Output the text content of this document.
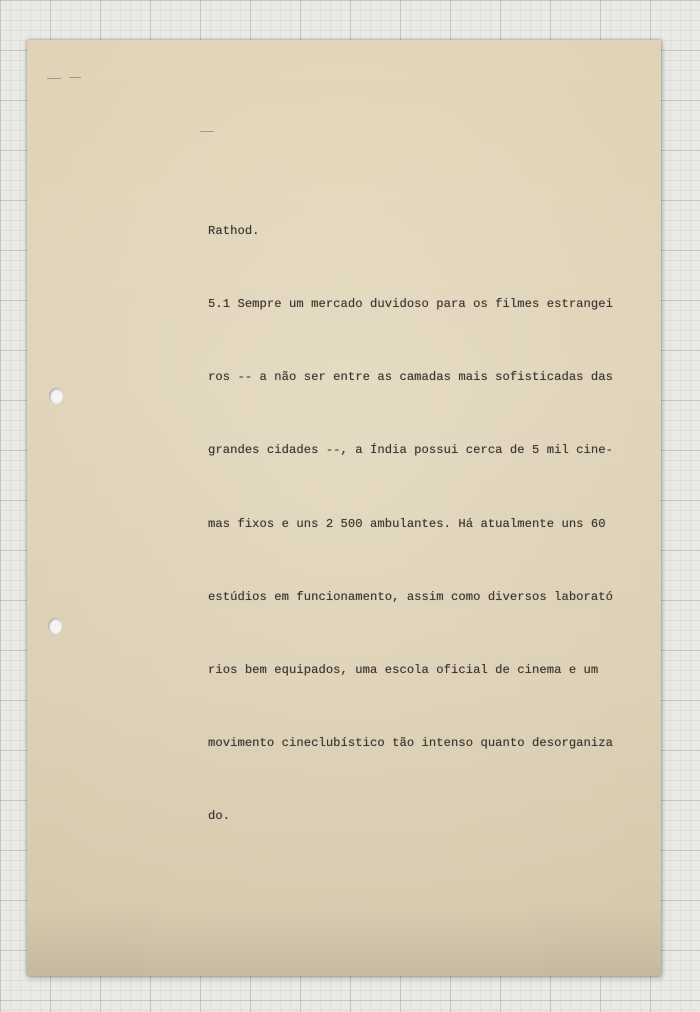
Rathod.

5.1 Sempre um mercado duvidoso para os filmes estrangei

ros -- a não ser entre as camadas mais sofisticadas das

grandes cidades --, a Índia possui cerca de 5 mil cine-

mas fixos e uns 2 500 ambulantes. Há atualmente uns 60

estúdios em funcionamento, assim como diversos laborató

rios bem equipados, uma escola oficial de cinema e um

movimento cineclubístico tão intenso quanto desorganiza

do.
